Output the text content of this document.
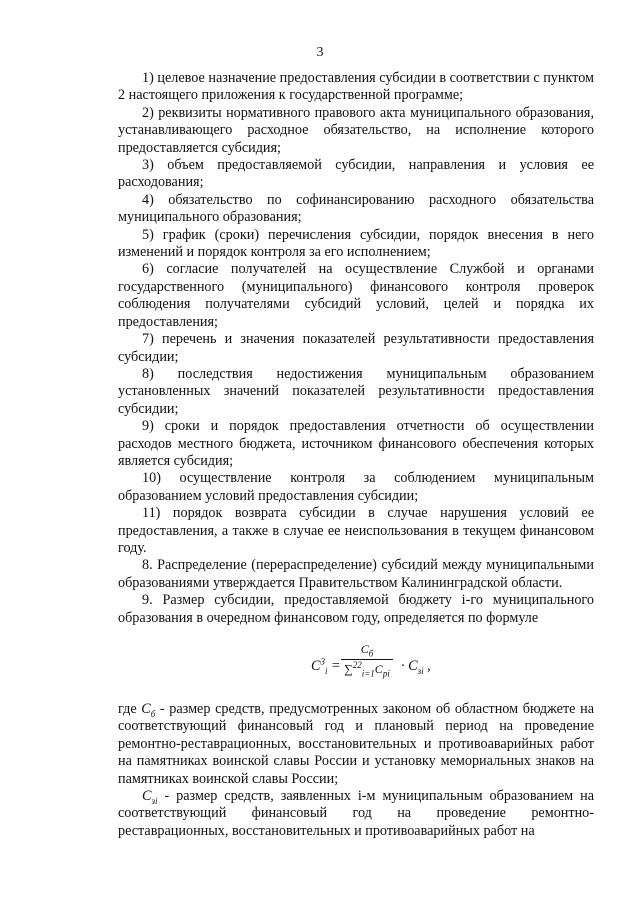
3

1) целевое назначение предоставления субсидии в соответствии с пунктом 2 настоящего приложения к государственной программе;

2) реквизиты нормативного правового акта муниципального образования, устанавливающего расходное обязательство, на исполнение которого предоставляется субсидия;

3) объем предоставляемой субсидии, направления и условия ее расходования;

4) обязательство по софинансированию расходного обязательства муниципального образования;

5) график (сроки) перечисления субсидии, порядок внесения в него изменений и порядок контроля за его исполнением;

6) согласие получателей на осуществление Службой и органами государственного (муниципального) финансового контроля проверок соблюдения получателями субсидий условий, целей и порядка их предоставления;

7) перечень и значения показателей результативности предоставления субсидии;

8) последствия недостижения муниципальным образованием установленных значений показателей результативности предоставления субсидии;

9) сроки и порядок предоставления отчетности об осуществлении расходов местного бюджета, источником финансового обеспечения которых является субсидия;

10) осуществление контроля за соблюдением муниципальным образованием условий предоставления субсидии;

11) порядок возврата субсидии в случае нарушения условий ее предоставления, а также в случае ее неиспользования в текущем финансовом году.

8. Распределение (перераспределение) субсидий между муниципальными образованиями утверждается Правительством Калининградской области.

9. Размер субсидии, предоставляемой бюджету i-го муниципального образования в очередном финансовом году, определяется по формуле

$C^3_i$ =
$C_б$
$\sum^{22}_{i=1}C_{pi} \cdot C_{зi}$ ,

где $С_б$ - размер средств, предусмотренных законом об областном бюджете на соответствующий финансовый год и плановый период на проведение ремонтно-реставрационных, восстановительных и противоаварийных работ на памятниках воинской славы России и установку мемориальных знаков на памятниках воинской славы России;

$С_{зi}$ - размер средств, заявленных i-м муниципальным образованием на соответствующий финансовый год на проведение ремонтно-реставрационных, восстановительных и противоаварийных работ на
